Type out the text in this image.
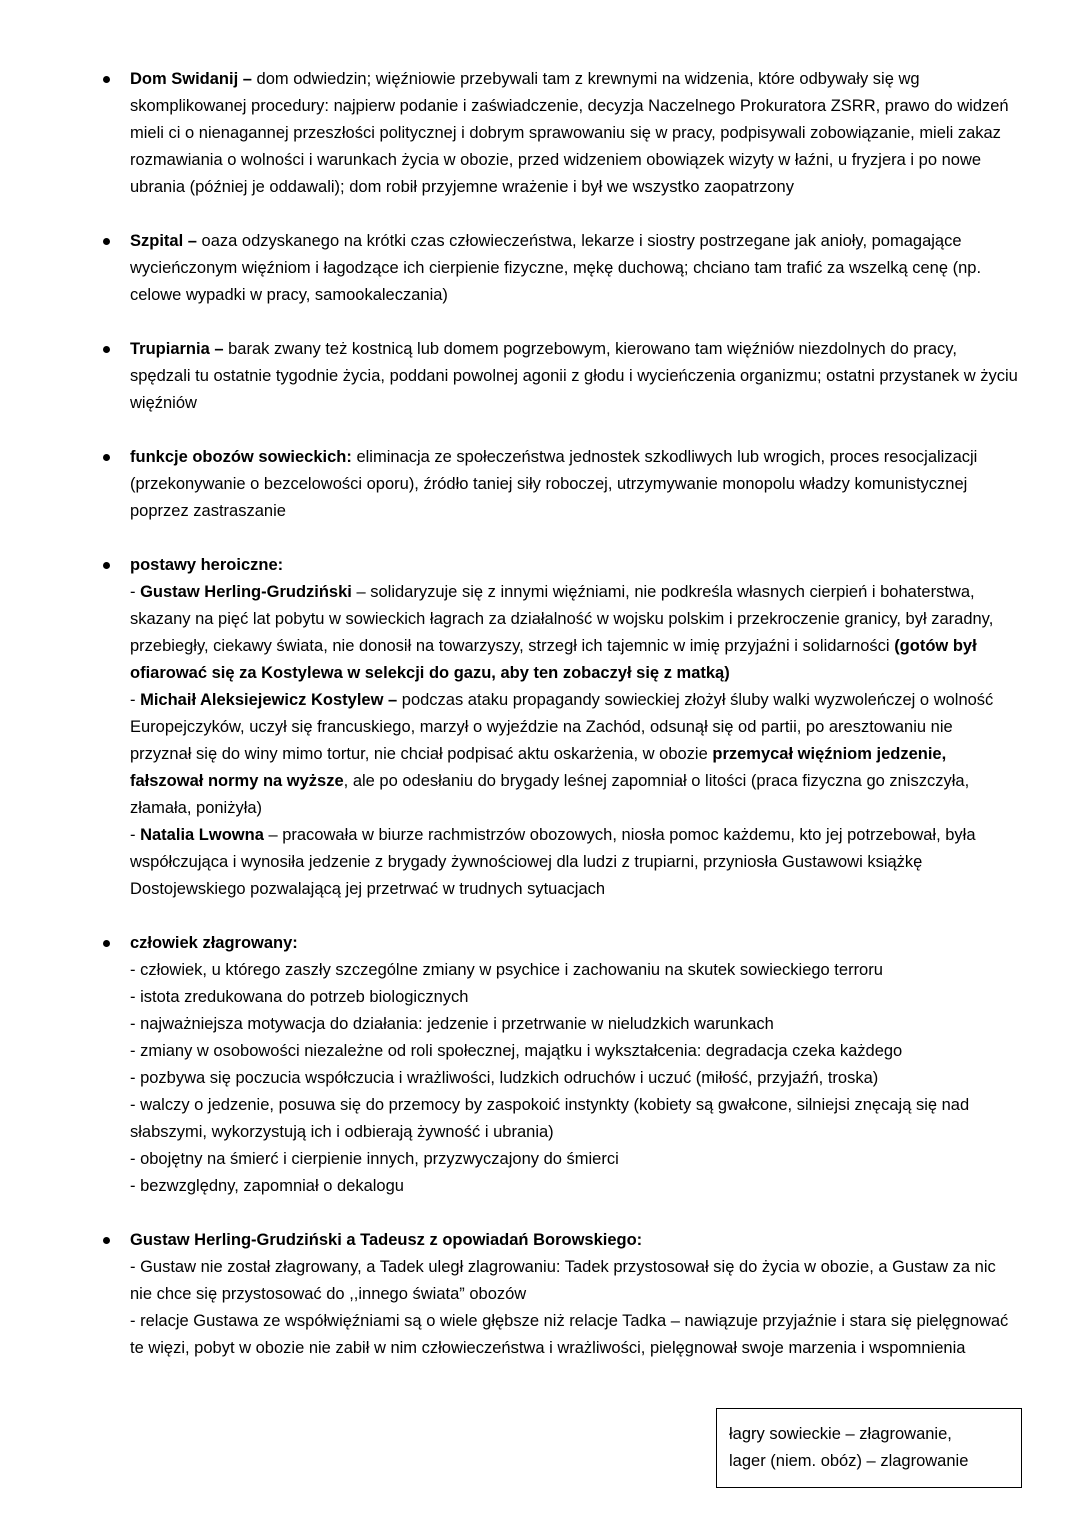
Dom Swidanij – dom odwiedzin; więźniowie przebywali tam z krewnymi na widzenia, które odbywały się wg skomplikowanej procedury: najpierw podanie i zaświadczenie, decyzja Naczelnego Prokuratora ZSRR, prawo do widzeń mieli ci o nienagannej przeszłości politycznej i dobrym sprawowaniu się w pracy, podpisywali zobowiązanie, mieli zakaz rozmawiania o wolności i warunkach życia w obozie, przed widzeniem obowiązek wizyty w łaźni, u fryzjera i po nowe ubrania (później je oddawali); dom robił przyjemne wrażenie i był we wszystko zaopatrzony
Szpital – oaza odzyskanego na krótki czas człowieczeństwa, lekarze i siostry postrzegane jak anioły, pomagające wycieńczonym więźniom i łagodzące ich cierpienie fizyczne, mękę duchową; chciano tam trafić za wszelką cenę (np. celowe wypadki w pracy, samookaleczania)
Trupiarnia – barak zwany też kostnicą lub domem pogrzebowym, kierowano tam więźniów niezdolnych do pracy, spędzali tu ostatnie tygodnie życia, poddani powolnej agonii z głodu i wycieńczenia organizmu; ostatni przystanek w życiu więźniów
funkcje obozów sowieckich: eliminacja ze społeczeństwa jednostek szkodliwych lub wrogich, proces resocjalizacji (przekonywanie o bezcelowości oporu), źródło taniej siły roboczej, utrzymywanie monopolu władzy komunistycznej poprzez zastraszanie
postawy heroiczne:
- Gustaw Herling-Grudziński – solidaryzuje się z innymi więźniami, nie podkreśla własnych cierpień i bohaterstwa, skazany na pięć lat pobytu w sowieckich łagrach za działalność w wojsku polskim i przekroczenie granicy, był zaradny, przebiegły, ciekawy świata, nie donosił na towarzyszy, strzegł ich tajemnic w imię przyjaźni i solidarności (gotów był ofiarować się za Kostylewa w selekcji do gazu, aby ten zobaczył się z matką)
- Michaił Aleksiejewicz Kostylew – podczas ataku propagandy sowieckiej złożył śluby walki wyzwoleńczej o wolność Europejczyków, uczył się francuskiego, marzył o wyjeździe na Zachód, odsunął się od partii, po aresztowaniu nie przyznał się do winy mimo tortur, nie chciał podpisać aktu oskarżenia, w obozie przemycał więźniom jedzenie, fałszował normy na wyższe, ale po odesłaniu do brygady leśnej zapomniał o litości (praca fizyczna go zniszczyła, złamała, poniżyła)
- Natalia Lwowna – pracowała w biurze rachmistrzów obozowych, niosła pomoc każdemu, kto jej potrzebował, była współczująca i wynosiła jedzenie z brygady żywnościowej dla ludzi z trupiarni, przyniosła Gustawowi książkę Dostojewskiego pozwalającą jej przetrwać w trudnych sytuacjach
człowiek złagrowany:
- człowiek, u którego zaszły szczególne zmiany w psychice i zachowaniu na skutek sowieckiego terroru
- istota zredukowana do potrzeb biologicznych
- najważniejsza motywacja do działania: jedzenie i przetrwanie w nieludzkich warunkach
- zmiany w osobowości niezależne od roli społecznej, majątku i wykształcenia: degradacja czeka każdego
- pozbywa się poczucia współczucia i wrażliwości, ludzkich odruchów i uczuć (miłość, przyjaźń, troska)
- walczy o jedzenie, posuwa się do przemocy by zaspokoić instynkty (kobiety są gwałcone, silniejsi znęcają się nad słabszymi, wykorzystują ich i odbierają żywność i ubrania)
- obojętny na śmierć i cierpienie innych, przyzwyczajony do śmierci
- bezwzględny, zapomniał o dekalogu
Gustaw Herling-Grudziński a Tadeusz z opowiadań Borowskiego:
- Gustaw nie został złagrowany, a Tadek uległ zlagrowaniu: Tadek przystosował się do życia w obozie, a Gustaw za nic nie chce się przystosować do ,,innego świata” obozów
- relacje Gustawa ze współwięźniami są o wiele głębsze niż relacje Tadka – nawiązuje przyjaźnie i stara się pielęgnować te więzi, pobyt w obozie nie zabił w nim człowieczeństwa i wrażliwości, pielęgnował swoje marzenia i wspomnienia
łagry sowieckie – złagrowanie,
lager (niem. obóz) – zlagrowanie
